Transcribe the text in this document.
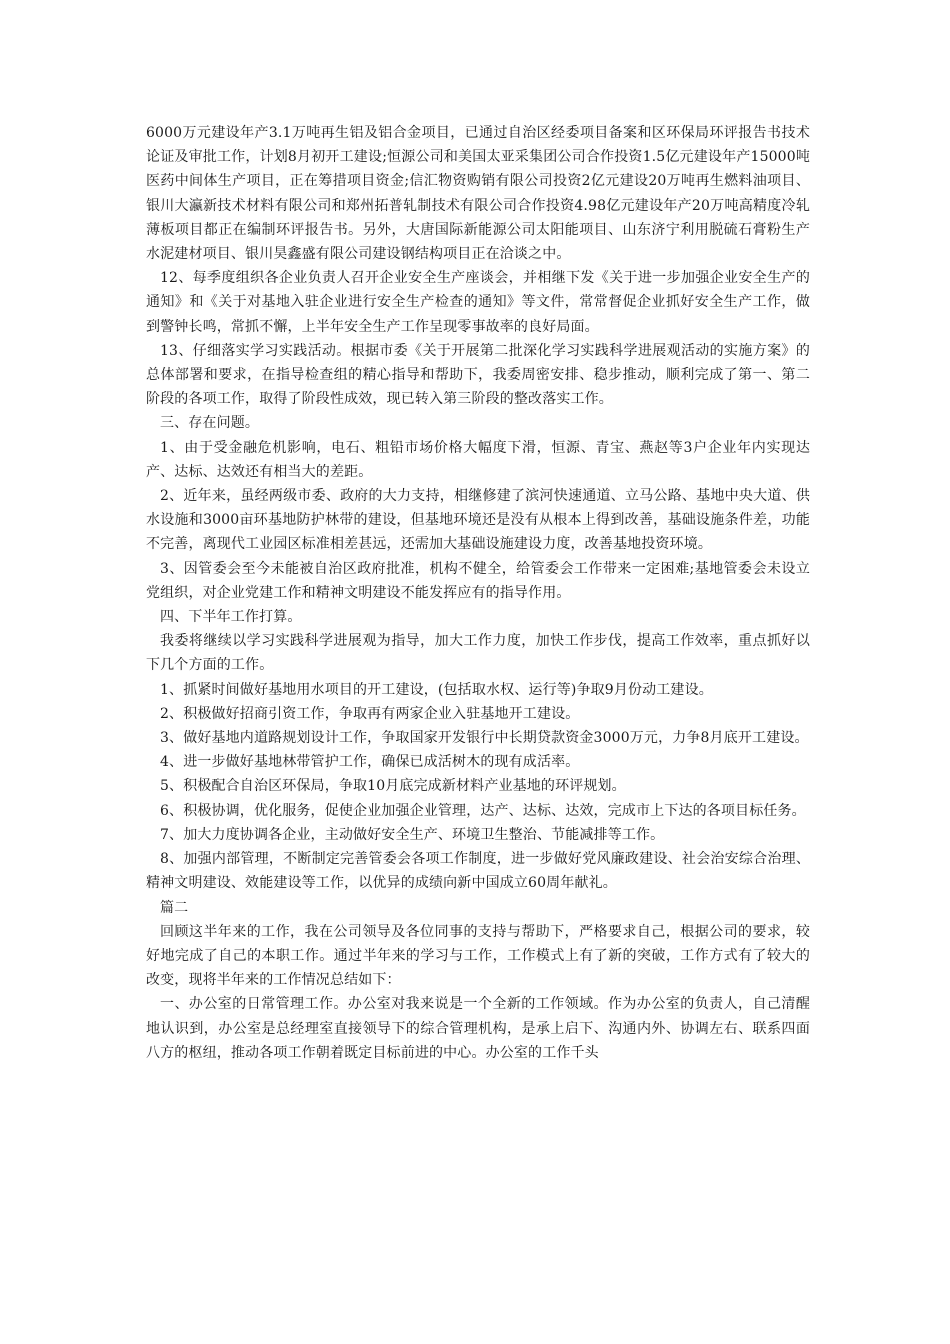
6000万元建设年产3.1万吨再生铝及铝合金项目，已通过自治区经委项目备案和区环保局环评报告书技术论证及审批工作，计划8月初开工建设;恒源公司和美国太亚采集团公司合作投资1.5亿元建设年产15000吨医药中间体生产项目，正在筹措项目资金;信汇物资购销有限公司投资2亿元建设20万吨再生燃料油项目、银川大瀛新技术材料有限公司和郑州拓普轧制技术有限公司合作投资4.98亿元建设年产20万吨高精度冷轧薄板项目都正在编制环评报告书。另外，大唐国际新能源公司太阳能项目、山东济宁利用脱硫石膏粉生产水泥建材项目、银川昊鑫盛有限公司建设钢结构项目正在洽谈之中。

12、每季度组织各企业负责人召开企业安全生产座谈会，并相继下发《关于进一步加强企业安全生产的通知》和《关于对基地入驻企业进行安全生产检查的通知》等文件，常常督促企业抓好安全生产工作，做到警钟长鸣，常抓不懈，上半年安全生产工作呈现零事故率的良好局面。

13、仔细落实学习实践活动。根据市委《关于开展第二批深化学习实践科学进展观活动的实施方案》的总体部署和要求，在指导检查组的精心指导和帮助下，我委周密安排、稳步推动，顺利完成了第一、第二阶段的各项工作，取得了阶段性成效，现已转入第三阶段的整改落实工作。

三、存在问题。

1、由于受金融危机影响，电石、粗铅市场价格大幅度下滑，恒源、青宝、燕赵等3户企业年内实现达产、达标、达效还有相当大的差距。

2、近年来，虽经两级市委、政府的大力支持，相继修建了滨河快速通道、立马公路、基地中央大道、供水设施和3000亩环基地防护林带的建设，但基地环境还是没有从根本上得到改善，基础设施条件差，功能不完善，离现代工业园区标准相差甚远，还需加大基础设施建设力度，改善基地投资环境。

3、因管委会至今未能被自治区政府批准，机构不健全，给管委会工作带来一定困难;基地管委会未设立党组织，对企业党建工作和精神文明建设不能发挥应有的指导作用。

四、下半年工作打算。

我委将继续以学习实践科学进展观为指导，加大工作力度，加快工作步伐，提高工作效率，重点抓好以下几个方面的工作。

1、抓紧时间做好基地用水项目的开工建设，(包括取水权、运行等)争取9月份动工建设。

2、积极做好招商引资工作，争取再有两家企业入驻基地开工建设。

3、做好基地内道路规划设计工作，争取国家开发银行中长期贷款资金3000万元，力争8月底开工建设。

4、进一步做好基地林带管护工作，确保已成活树木的现有成活率。

5、积极配合自治区环保局，争取10月底完成新材料产业基地的环评规划。

6、积极协调，优化服务，促使企业加强企业管理，达产、达标、达效，完成市上下达的各项目标任务。

7、加大力度协调各企业，主动做好安全生产、环境卫生整治、节能减排等工作。

8、加强内部管理，不断制定完善管委会各项工作制度，进一步做好党风廉政建设、社会治安综合治理、精神文明建设、效能建设等工作，以优异的成绩向新中国成立60周年献礼。

篇二

回顾这半年来的工作，我在公司领导及各位同事的支持与帮助下，严格要求自己，根据公司的要求，较好地完成了自己的本职工作。通过半年来的学习与工作，工作模式上有了新的突破，工作方式有了较大的改变，现将半年来的工作情况总结如下：

一、办公室的日常管理工作。办公室对我来说是一个全新的工作领域。作为办公室的负责人，自己清醒地认识到，办公室是总经理室直接领导下的综合管理机构，是承上启下、沟通内外、协调左右、联系四面八方的枢纽，推动各项工作朝着既定目标前进的中心。办公室的工作千头
